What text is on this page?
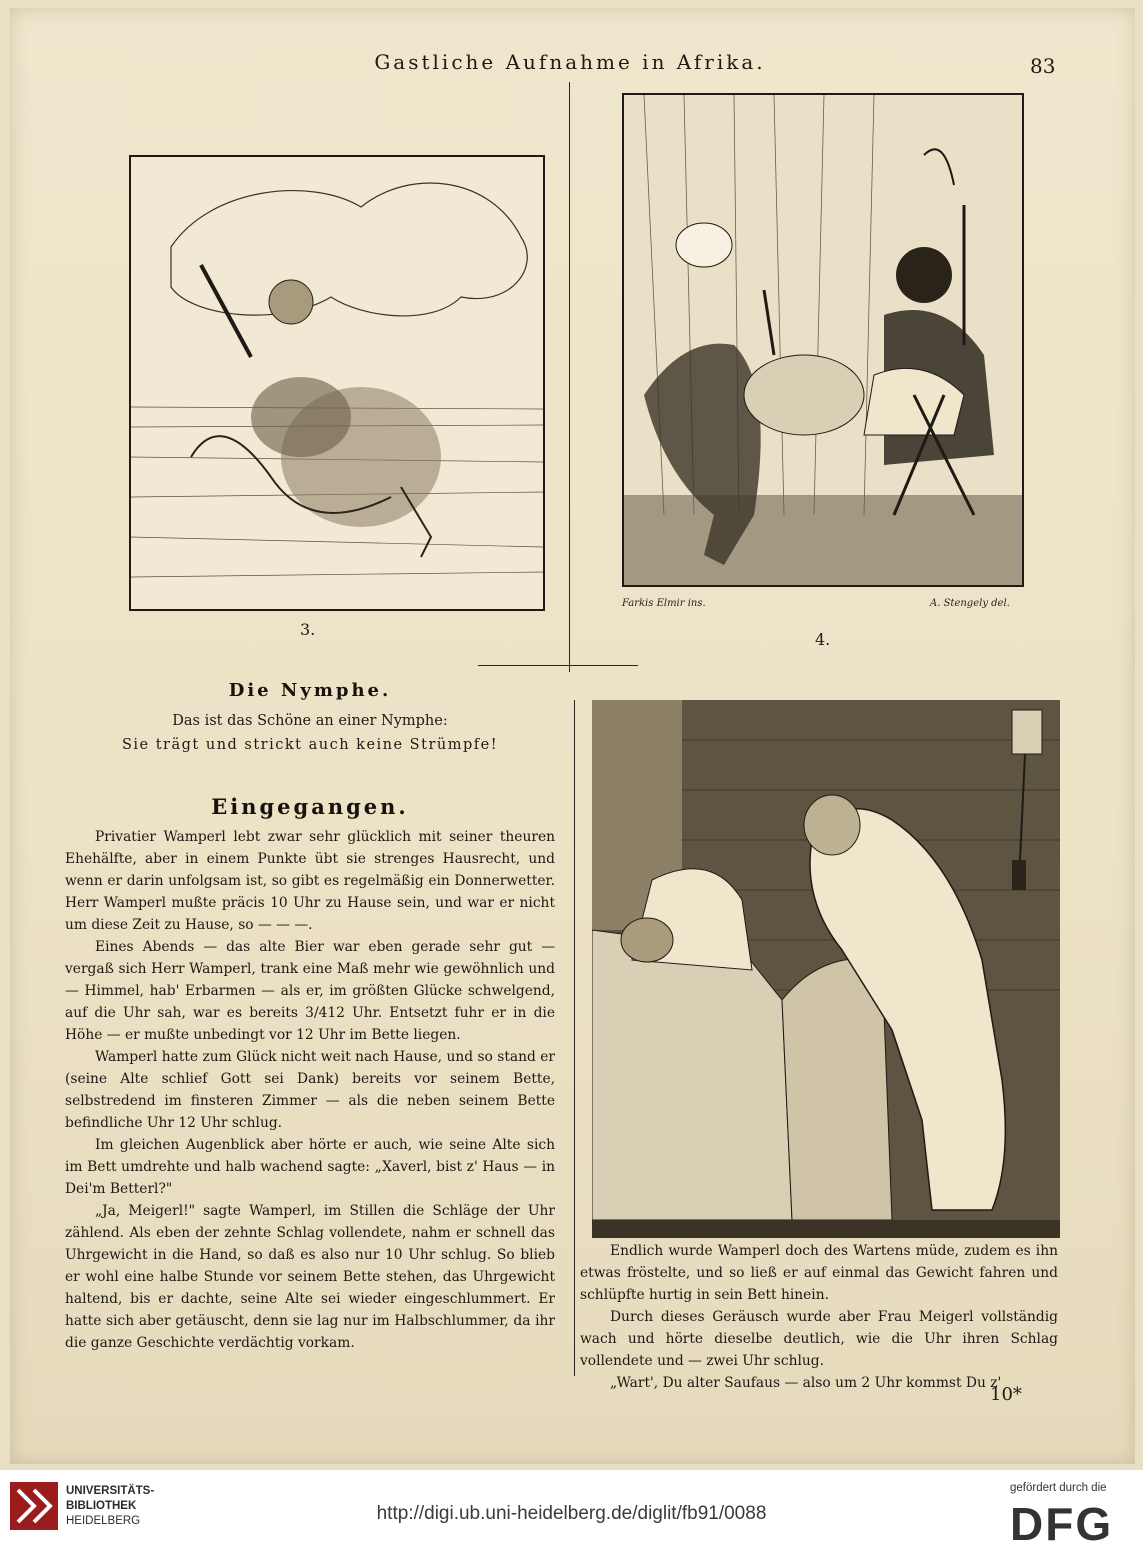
Gastliche Aufnahme in Afrika.	83
3.
Farkis Elmir ins.	A. Stengely del.
4.
Die Nymphe.
Das ist das Schöne an einer Nymphe:
Sie trägt und strickt auch keine Strümpfe!
Eingegangen.

Privatier Wamperl lebt zwar sehr glücklich mit seiner theuren Ehehälfte, aber in einem Punkte übt sie strenges Hausrecht, und wenn er darin unfolgsam ist, so gibt es regelmäßig ein Donnerwetter. Herr Wamperl mußte präcis 10 Uhr zu Hause sein, und war er nicht um diese Zeit zu Hause, so — — —.

Eines Abends — das alte Bier war eben gerade sehr gut — vergaß sich Herr Wamperl, trank eine Maß mehr wie gewöhnlich und — Himmel, hab' Erbarmen — als er, im größten Glücke schwelgend, auf die Uhr sah, war es bereits 3/412 Uhr. Entsetzt fuhr er in die Höhe — er mußte unbedingt vor 12 Uhr im Bette liegen.

Wamperl hatte zum Glück nicht weit nach Hause, und so stand er (seine Alte schlief Gott sei Dank) bereits vor seinem Bette, selbstredend im finsteren Zimmer — als die neben seinem Bette befindliche Uhr 12 Uhr schlug.

Im gleichen Augenblick aber hörte er auch, wie seine Alte sich im Bett umdrehte und halb wachend sagte: „Xaverl, bist z' Haus — in Dei'm Betterl?"

„Ja, Meigerl!" sagte Wamperl, im Stillen die Schläge der Uhr zählend. Als eben der zehnte Schlag vollendete, nahm er schnell das Uhrgewicht in die Hand, so daß es also nur 10 Uhr schlug. So blieb er wohl eine halbe Stunde vor seinem Bette stehen, das Uhrgewicht haltend, bis er dachte, seine Alte sei wieder eingeschlummert. Er hatte sich aber getäuscht, denn sie lag nur im Halbschlummer, da ihr die ganze Geschichte verdächtig vorkam.

Endlich wurde Wamperl doch des Wartens müde, zudem es ihn etwas fröstelte, und so ließ er auf einmal das Gewicht fahren und schlüpfte hurtig in sein Bett hinein.

Durch dieses Geräusch wurde aber Frau Meigerl vollständig wach und hörte dieselbe deutlich, wie die Uhr ihren Schlag vollendete und — zwei Uhr schlug.

„Wart', Du alter Saufaus — also um 2 Uhr kommst Du z'

10*
UNIVERSITÄTS-
BIBLIOTHEK
HEIDELBERG	http://digi.ub.uni-heidelberg.de/diglit/fb91/0088
gefördert durch die
DFG
